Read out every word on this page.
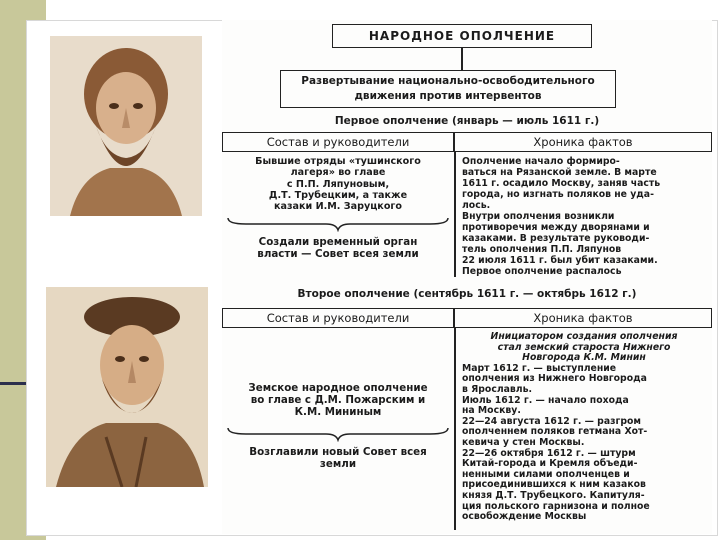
НАРОДНОЕ ОПОЛЧЕНИЕ
Развертывание национально-освободительного
движения против интервентов
Первое ополчение (январь — июль 1611 г.)
Состав и руководители	Хроника фактов
Бывшие отряды «тушинского
лагеря» во главе
с П.П. Ляпуновым,
Д.Т. Трубецким, а также
казаки И.М. Заруцкого
Создали временный орган
власти — Совет всея земли
Ополчение начало формиро-
ваться на Рязанской земле. В марте
1611 г. осадило Москву, заняв часть
города, но изгнать поляков не уда-
лось.
Внутри ополчения возникли
противоречия между дворянами и
казаками. В результате руководи-
тель ополчения П.П. Ляпунов
22 июля 1611 г. был убит казаками.
Первое ополчение распалось
Второе ополчение (сентябрь 1611 г. — октябрь 1612 г.)
Состав и руководители	Хроника фактов
Земское народное ополчение
во главе с Д.М. Пожарским и
К.М. Мининым
Возглавили новый Совет всея
земли
Инициатором создания ополчения
стал земский староста Нижнего
Новгорода К.М. Минин
Март 1612 г. — выступление
ополчения из Нижнего Новгорода
в Ярославль.
Июль 1612 г. — начало похода
на Москву.
22—24 августа 1612 г. — разгром
ополченнем поляков гетмана Хот-
кевича у стен Москвы.
22—26 октября 1612 г. — штурм
Китай-города и Кремля объеди-
ненными силами ополченцев и
присоединившихся к ним казаков
князя Д.Т. Трубецкого. Капитуля-
ция польского гарнизона и полное
освобождение Москвы
